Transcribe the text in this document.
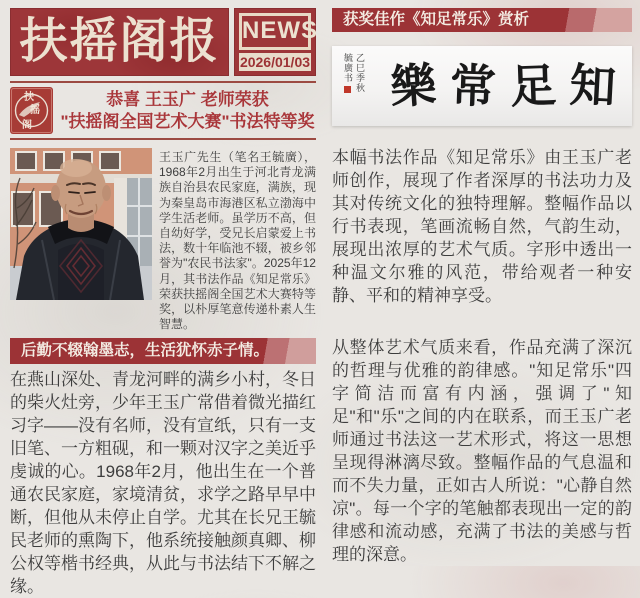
扶摇阁报 NEWS
2026/01/03
扶
摇
阁
恭喜 王玉广 老师荣获
"扶摇阁全国艺术大赛"书法特等奖

王玉广先生（笔名王毓廣），1968年2月出生于河北青龙满族自治县农民家庭，满族，现为秦皇岛市海港区私立渤海中学生活老师。虽学历不高，但自幼好学，受兄长启蒙爱上书法，数十年临池不辍，被乡邻誉为"农民书法家"。2025年12月，其书法作品《知足常乐》荣获扶摇阁全国艺术大赛特等奖，以朴厚笔意传递朴素人生智慧。

后勤不辍翰墨志，生活犹怀赤子情。

在燕山深处、青龙河畔的满乡小村，冬日的柴火灶旁，少年王玉广常借着微光描红习字——没有名师，没有宣纸，只有一支旧笔、一方粗砚，和一颗对汉字之美近乎虔诚的心。1968年2月，他出生在一个普通农民家庭，家境清贫，求学之路早早中断，但他从未停止自学。尤其在长兄王毓民老师的熏陶下，他系统接触颜真卿、柳公权等楷书经典，从此与书法结下不解之缘。

获奖佳作《知足常乐》赏析
毓廣书 乙巳季秋 樂 常 足 知

本幅书法作品《知足常乐》由王玉广老师创作，展现了作者深厚的书法功力及其对传统文化的独特理解。整幅作品以行书表现，笔画流畅自然，气韵生动，展现出浓厚的艺术气质。字形中透出一种温文尔雅的风范，带给观者一种安静、平和的精神享受。

从整体艺术气质来看，作品充满了深沉的哲理与优雅的韵律感。"知足常乐"四字简洁而富有内涵，强调了"知足"和"乐"之间的内在联系，而王玉广老师通过书法这一艺术形式，将这一思想呈现得淋漓尽致。整幅作品的气息温和而不失力量，正如古人所说："心静自然凉"。每一个字的笔触都表现出一定的韵律感和流动感，充满了书法的美感与哲理的深意。
